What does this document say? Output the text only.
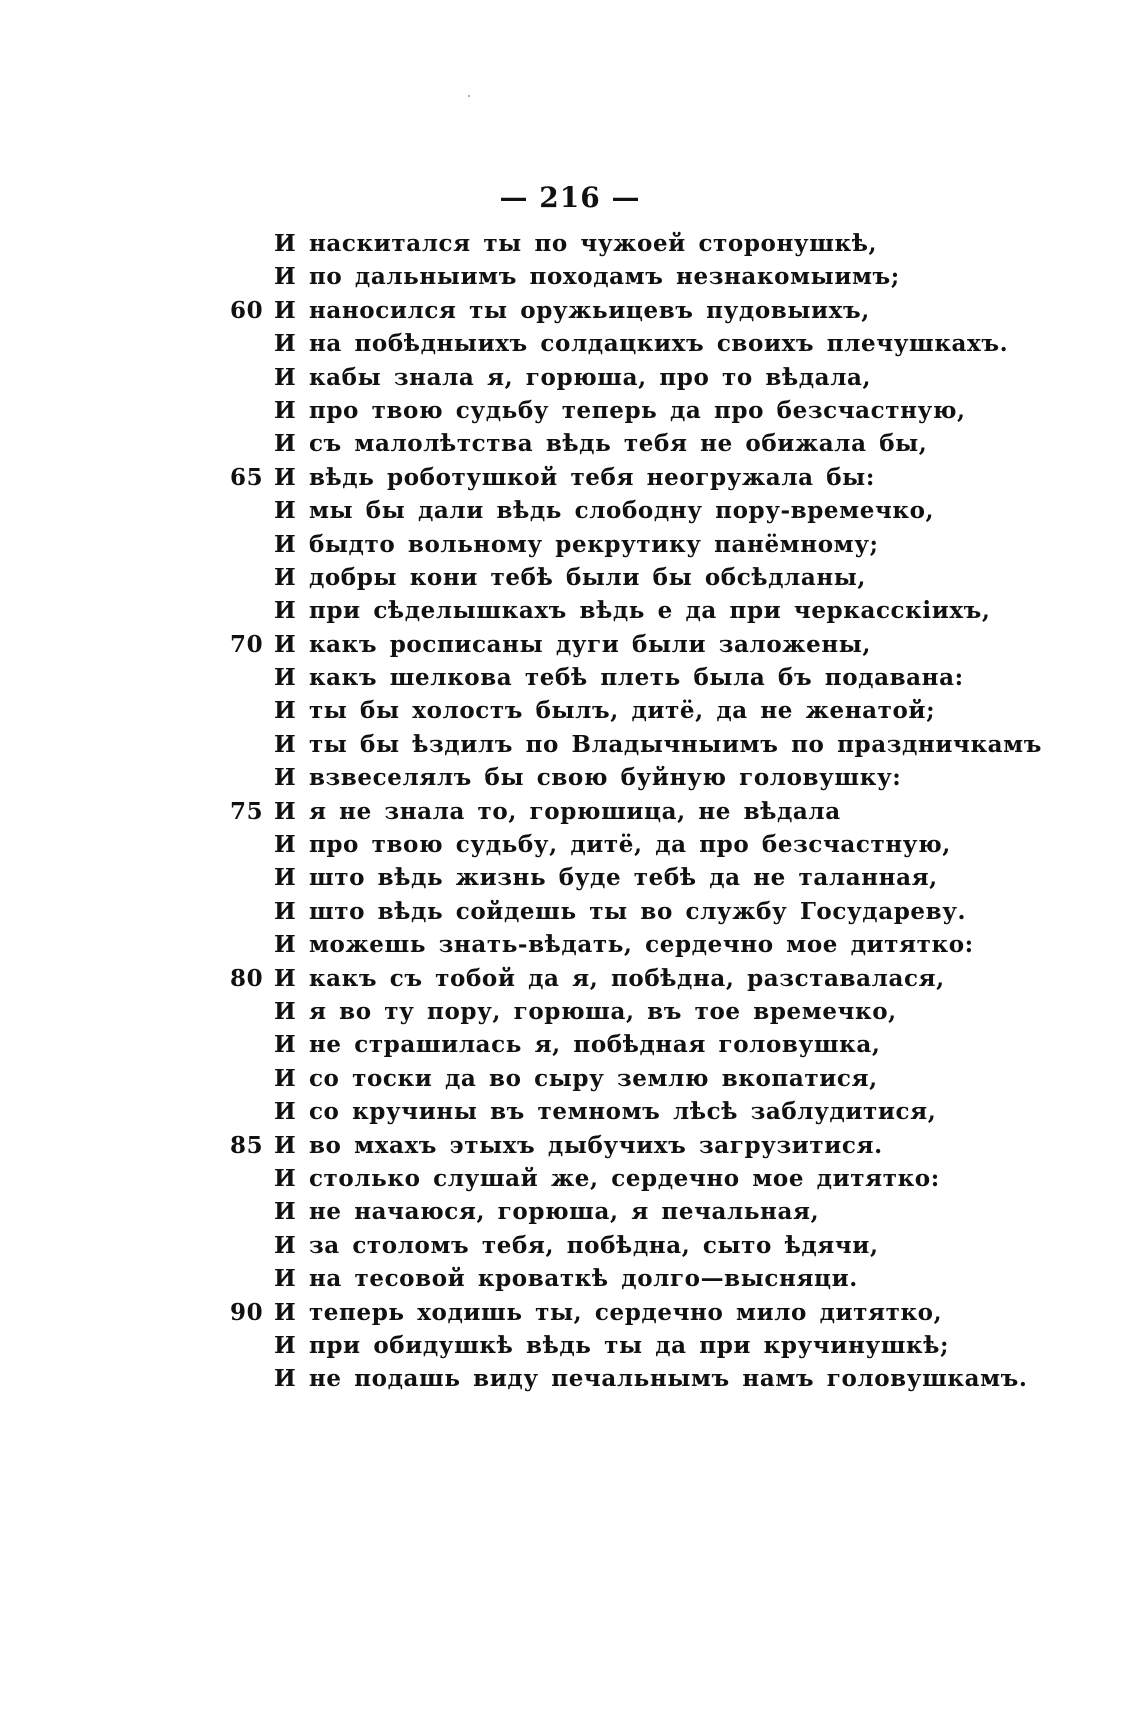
— 216 —
И наскитался ты по чужоей сторонушкѣ,
И по дальныимъ походамъ незнакомыимъ;
60 И наносился ты оружьицевъ пудовыихъ,
И на побѣдныихъ солдацкихъ своихъ плечушкахъ.
И кабы знала я, горюша, про то вѣдала,
И про твою судьбу теперь да про безсчастную,
И съ малолѣтства вѣдь тебя не обижала бы,
65 И вѣдь роботушкой тебя неогружала бы:
И мы бы дали вѣдь слободну пору-времечко,
И быдто вольному рекрутику панёмному;
И добры кони тебѣ были бы обсѣдланы,
И при сѣделышкахъ вѣдь е да при черкасскiихъ,
70 И какъ росписаны дуги были заложены,
И какъ шелкова тебѣ плеть была бъ подавана:
И ты бы холостъ былъ, дитё, да не женатой;
И ты бы ѣздилъ по Владычныимъ по праздничкамъ
И взвеселялъ бы свою буйную головушку:
75 И я не знала то, горюшица, не вѣдала
И про твою судьбу, дитё, да про безсчастную,
И што вѣдь жизнь буде тебѣ да не таланная,
И што вѣдь сойдешь ты во службу Государеву.
И можешь знать-вѣдать, сердечно мое дитятко:
80 И какъ съ тобой да я, побѣдна, разставалася,
И я во ту пору, горюша, въ тое времечко,
И не страшилась я, побѣдная головушка,
И со тоски да во сыру землю вкопатися,
И со кручины въ темномъ лѣсѣ заблудитися,
85 И во мхахъ этыхъ дыбучихъ загрузитися.
И столько слушай же, сердечно мое дитятко:
И не начаюся, горюша, я печальная,
И за столомъ тебя, побѣдна, сыто ѣдячи,
И на тесовой кроваткѣ долго—высняци.
90 И теперь ходишь ты, сердечно мило дитятко,
И при обидушкѣ вѣдь ты да при кручинушкѣ;
И не подашь виду печальнымъ намъ головушкамъ.
